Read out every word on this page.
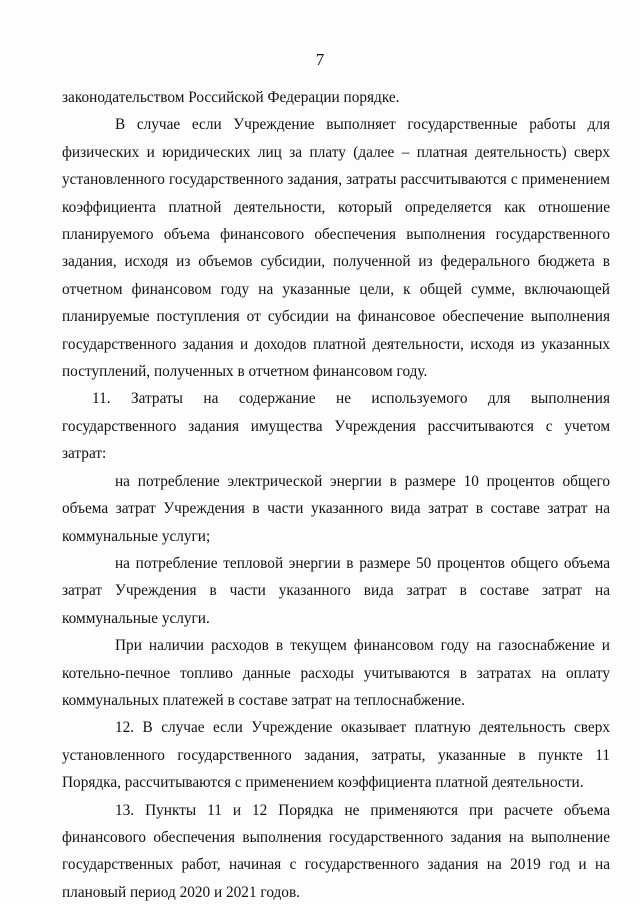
7

законодательством Российской Федерации порядке.

В случае если Учреждение выполняет государственные работы для физических и юридических лиц за плату (далее – платная деятельность) сверх установленного государственного задания, затраты рассчитываются с применением коэффициента платной деятельности, который определяется как отношение планируемого объема финансового обеспечения выполнения государственного задания, исходя из объемов субсидии, полученной из федерального бюджета в отчетном финансовом году на указанные цели, к общей сумме, включающей планируемые поступления от субсидии на финансовое обеспечение выполнения государственного задания и доходов платной деятельности, исходя из указанных поступлений, полученных в отчетном финансовом году.

11. Затраты на содержание не используемого для выполнения государственного задания имущества Учреждения рассчитываются с учетом затрат:

на потребление электрической энергии в размере 10 процентов общего объема затрат Учреждения в части указанного вида затрат в составе затрат на коммунальные услуги;

на потребление тепловой энергии в размере 50 процентов общего объема затрат Учреждения в части указанного вида затрат в составе затрат на коммунальные услуги.

При наличии расходов в текущем финансовом году на газоснабжение и котельно-печное топливо данные расходы учитываются в затратах на оплату коммунальных платежей в составе затрат на теплоснабжение.

12. В случае если Учреждение оказывает платную деятельность сверх установленного государственного задания, затраты, указанные в пункте 11 Порядка, рассчитываются с применением коэффициента платной деятельности.

13. Пункты 11 и 12 Порядка не применяются при расчете объема финансового обеспечения выполнения государственного задания на выполнение государственных работ, начиная с государственного задания на 2019 год и на плановый период 2020 и 2021 годов.
